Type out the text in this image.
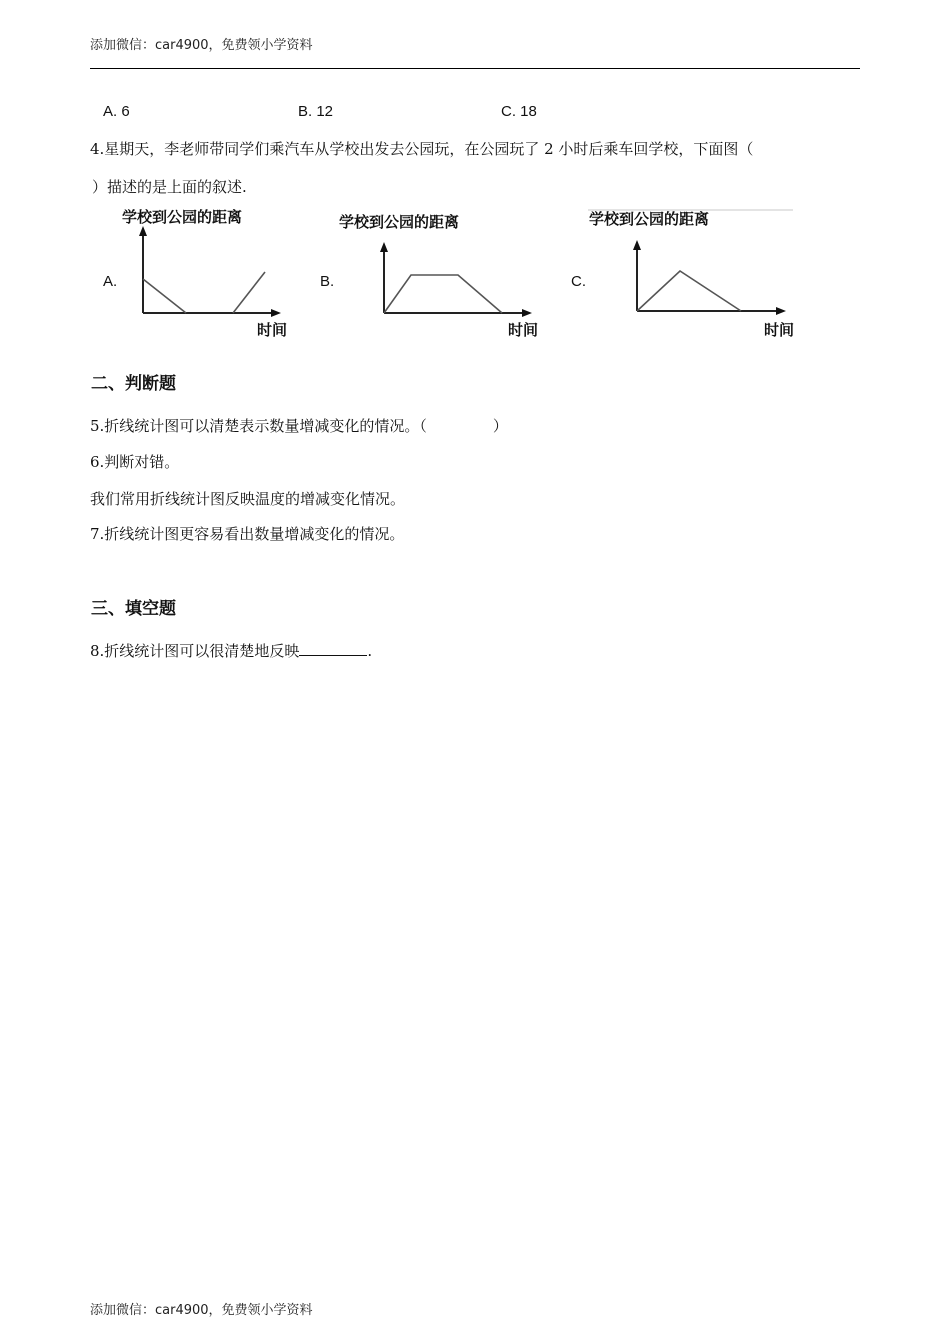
添加微信：car4900，免费领小学资料
A. 6	B. 12	C. 18
4.星期天，李老师带同学们乘汽车从学校出发去公园玩，在公园玩了 2 小时后乘车回学校，下面图（
）描述的是上面的叙述.
A.	B.	C.
学校到公园的距离
时间
学校到公园的距离
时间
学校到公园的距离
时间
二、判断题
5.折线统计图可以清楚表示数量增减变化的情况。（	）
6.判断对错。
我们常用折线统计图反映温度的增减变化情况。
7.折线统计图更容易看出数量增减变化的情况。
三、填空题
8.折线统计图可以很清楚地反映	.
添加微信：car4900，免费领小学资料
